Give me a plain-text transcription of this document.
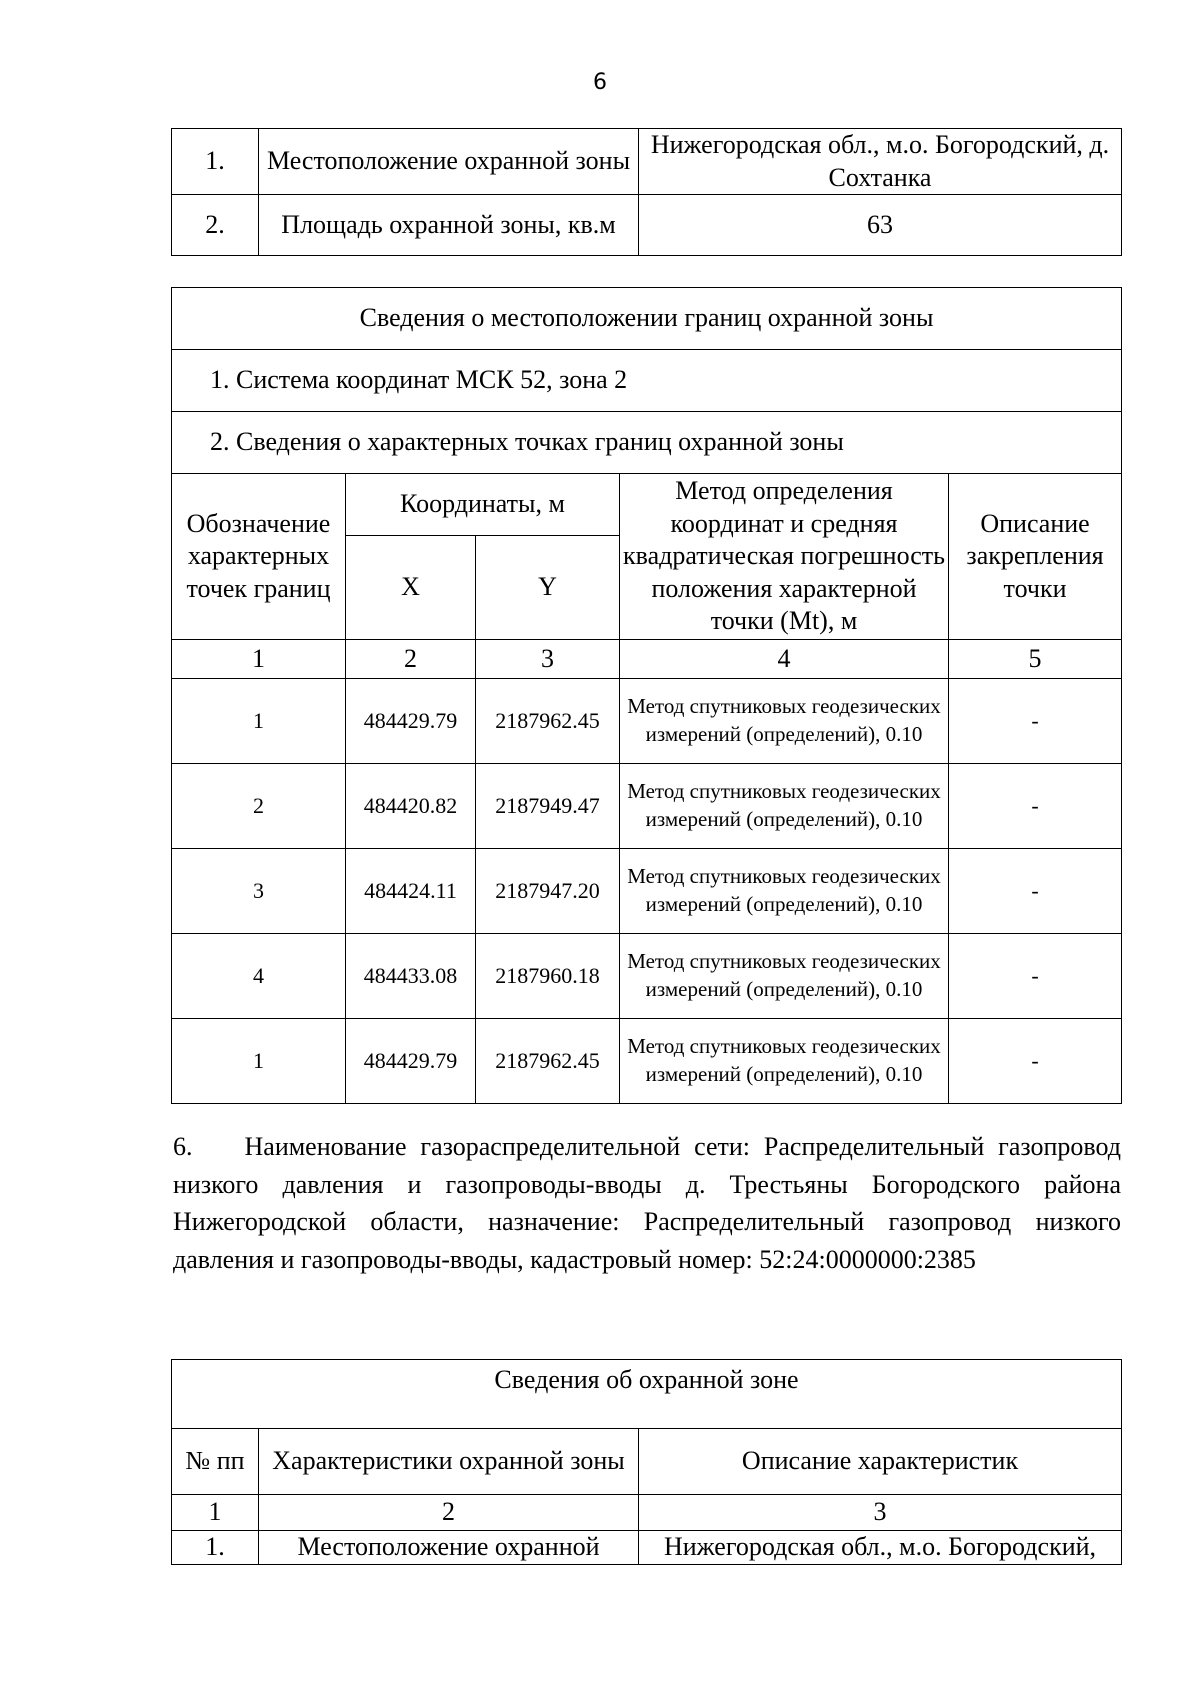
6
1.	Местоположение охранной зоны	Нижегородская обл., м.о. Богородский, д. Сохтанка
2.	Площадь охранной зоны, кв.м	63
Сведения о местоположении границ охранной зоны				
1. Система координат МСК 52, зона 2				
2. Сведения о характерных точках границ охранной зоны				
Обозначение характерных точек границ	Координаты, м		Метод определения координат и средняя квадратическая погрешность положения характерной точки (Mt), м	Описание закрепления точки
	X	Y		
1	2	3	4	5
1	484429.79	2187962.45	Метод спутниковых геодезических измерений (определений), 0.10	-
2	484420.82	2187949.47	Метод спутниковых геодезических измерений (определений), 0.10	-
3	484424.11	2187947.20	Метод спутниковых геодезических измерений (определений), 0.10	-
4	484433.08	2187960.18	Метод спутниковых геодезических измерений (определений), 0.10	-
1	484429.79	2187962.45	Метод спутниковых геодезических измерений (определений), 0.10	-

6.  Наименование газораспределительной сети: Распределительный газопровод низкого давления и газопроводы-вводы д. Трестьяны Богородского района Нижегородской области, назначение: Распределительный газопровод низкого давления и газопроводы-вводы, кадастровый номер: 52:24:0000000:2385

Сведения об охранной зоне		
№ пп	Характеристики охранной зоны	Описание характеристик
1	2	3
1.	Местоположение охранной	Нижегородская обл., м.о. Богородский,
